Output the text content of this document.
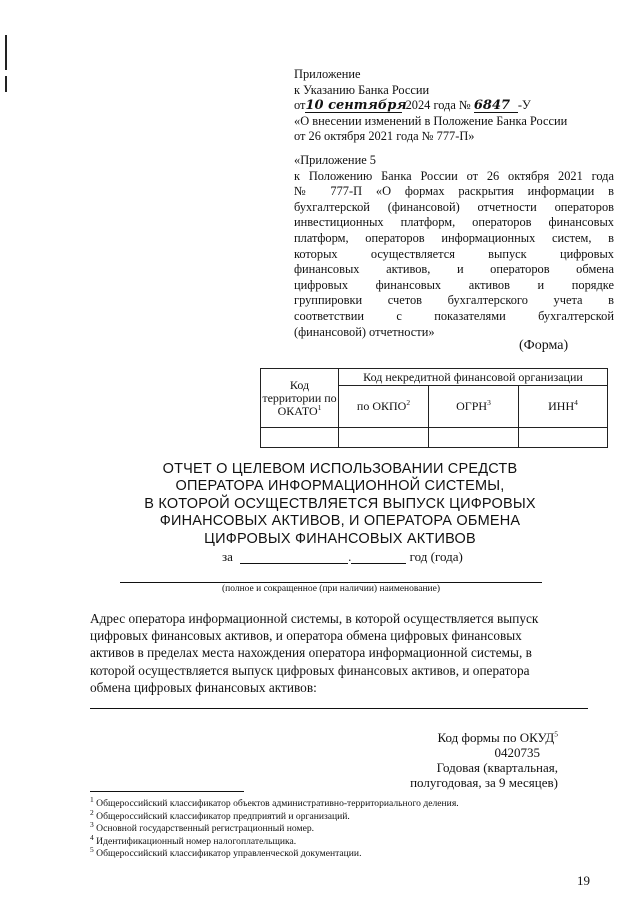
Приложение
к Указанию Банка России
от10 сентября 2024 года № 6847 -У
«О внесении изменений в Положение Банка России
от 26 октября 2021 года № 777-П»
«Приложение 5
к Положению Банка России от 26 октября 2021 года
№ 777-П «О формах раскрытия информации в
бухгалтерской (финансовой) отчетности операторов
инвестиционных платформ, операторов финансовых
платформ, операторов информационных систем, в
которых осуществляется выпуск цифровых
финансовых активов, и операторов обмена
цифровых финансовых активов и порядке
группировки счетов бухгалтерского учета в
соответствии с показателями бухгалтерской
(финансовой) отчетности»
(Форма)
Код территории по ОКАТО$^1$	Код некредитной финансовой организации		
	по ОКПО$^2$	ОГРН$^3$	ИНН$^4$

ОТЧЕТ О ЦЕЛЕВОМ ИСПОЛЬЗОВАНИИ СРЕДСТВ
ОПЕРАТОРА ИНФОРМАЦИОННОЙ СИСТЕМЫ,
В КОТОРОЙ ОСУЩЕСТВЛЯЕТСЯ ВЫПУСК ЦИФРОВЫХ
ФИНАНСОВЫХ АКТИВОВ, И ОПЕРАТОРА ОБМЕНА
ЦИФРОВЫХ ФИНАНСОВЫХ АКТИВОВ
за	.	год (года)
(полное и сокращенное (при наличии) наименование)
Адрес оператора информационной системы, в которой осуществляется выпуск
цифровых финансовых активов, и оператора обмена цифровых финансовых
активов в пределах места нахождения оператора информационной системы, в
которой осуществляется выпуск цифровых финансовых активов, и оператора
обмена цифровых финансовых активов:
Код формы по ОКУД$^5$
0420735
Годовая (квартальная,
полугодовая, за 9 месяцев)
$^1$ Общероссийский классификатор объектов административно-территориального деления.
$^2$ Общероссийский классификатор предприятий и организаций.
$^3$ Основной государственный регистрационный номер.
$^4$ Идентификационный номер налогоплательщика.
$^5$ Общероссийский классификатор управленческой документации.
19
